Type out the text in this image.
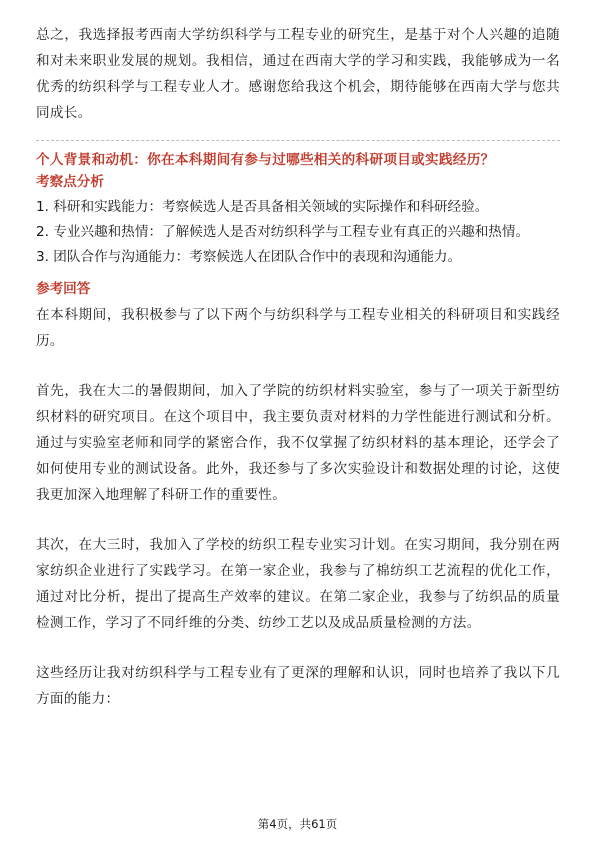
总之，我选择报考西南大学纺织科学与工程专业的研究生，是基于对个人兴趣的追随和对未来职业发展的规划。我相信，通过在西南大学的学习和实践，我能够成为一名优秀的纺织科学与工程专业人才。感谢您给我这个机会，期待能够在西南大学与您共同成长。

个人背景和动机：你在本科期间有参与过哪些相关的科研项目或实践经历？

考察点分析
1. 科研和实践能力：考察候选人是否具备相关领域的实际操作和科研经验。
2. 专业兴趣和热情：了解候选人是否对纺织科学与工程专业有真正的兴趣和热情。
3. 团队合作与沟通能力：考察候选人在团队合作中的表现和沟通能力。
参考回答

在本科期间，我积极参与了以下两个与纺织科学与工程专业相关的科研项目和实践经历。

首先，我在大二的暑假期间，加入了学院的纺织材料实验室，参与了一项关于新型纺织材料的研究项目。在这个项目中，我主要负责对材料的力学性能进行测试和分析。通过与实验室老师和同学的紧密合作，我不仅掌握了纺织材料的基本理论，还学会了如何使用专业的测试设备。此外，我还参与了多次实验设计和数据处理的讨论，这使我更加深入地理解了科研工作的重要性。

其次，在大三时，我加入了学校的纺织工程专业实习计划。在实习期间，我分别在两家纺织企业进行了实践学习。在第一家企业，我参与了棉纺织工艺流程的优化工作，通过对比分析，提出了提高生产效率的建议。在第二家企业，我参与了纺织品的质量检测工作，学习了不同纤维的分类、纺纱工艺以及成品质量检测的方法。

这些经历让我对纺织科学与工程专业有了更深的理解和认识，同时也培养了我以下几方面的能力：

第4页，共61页
